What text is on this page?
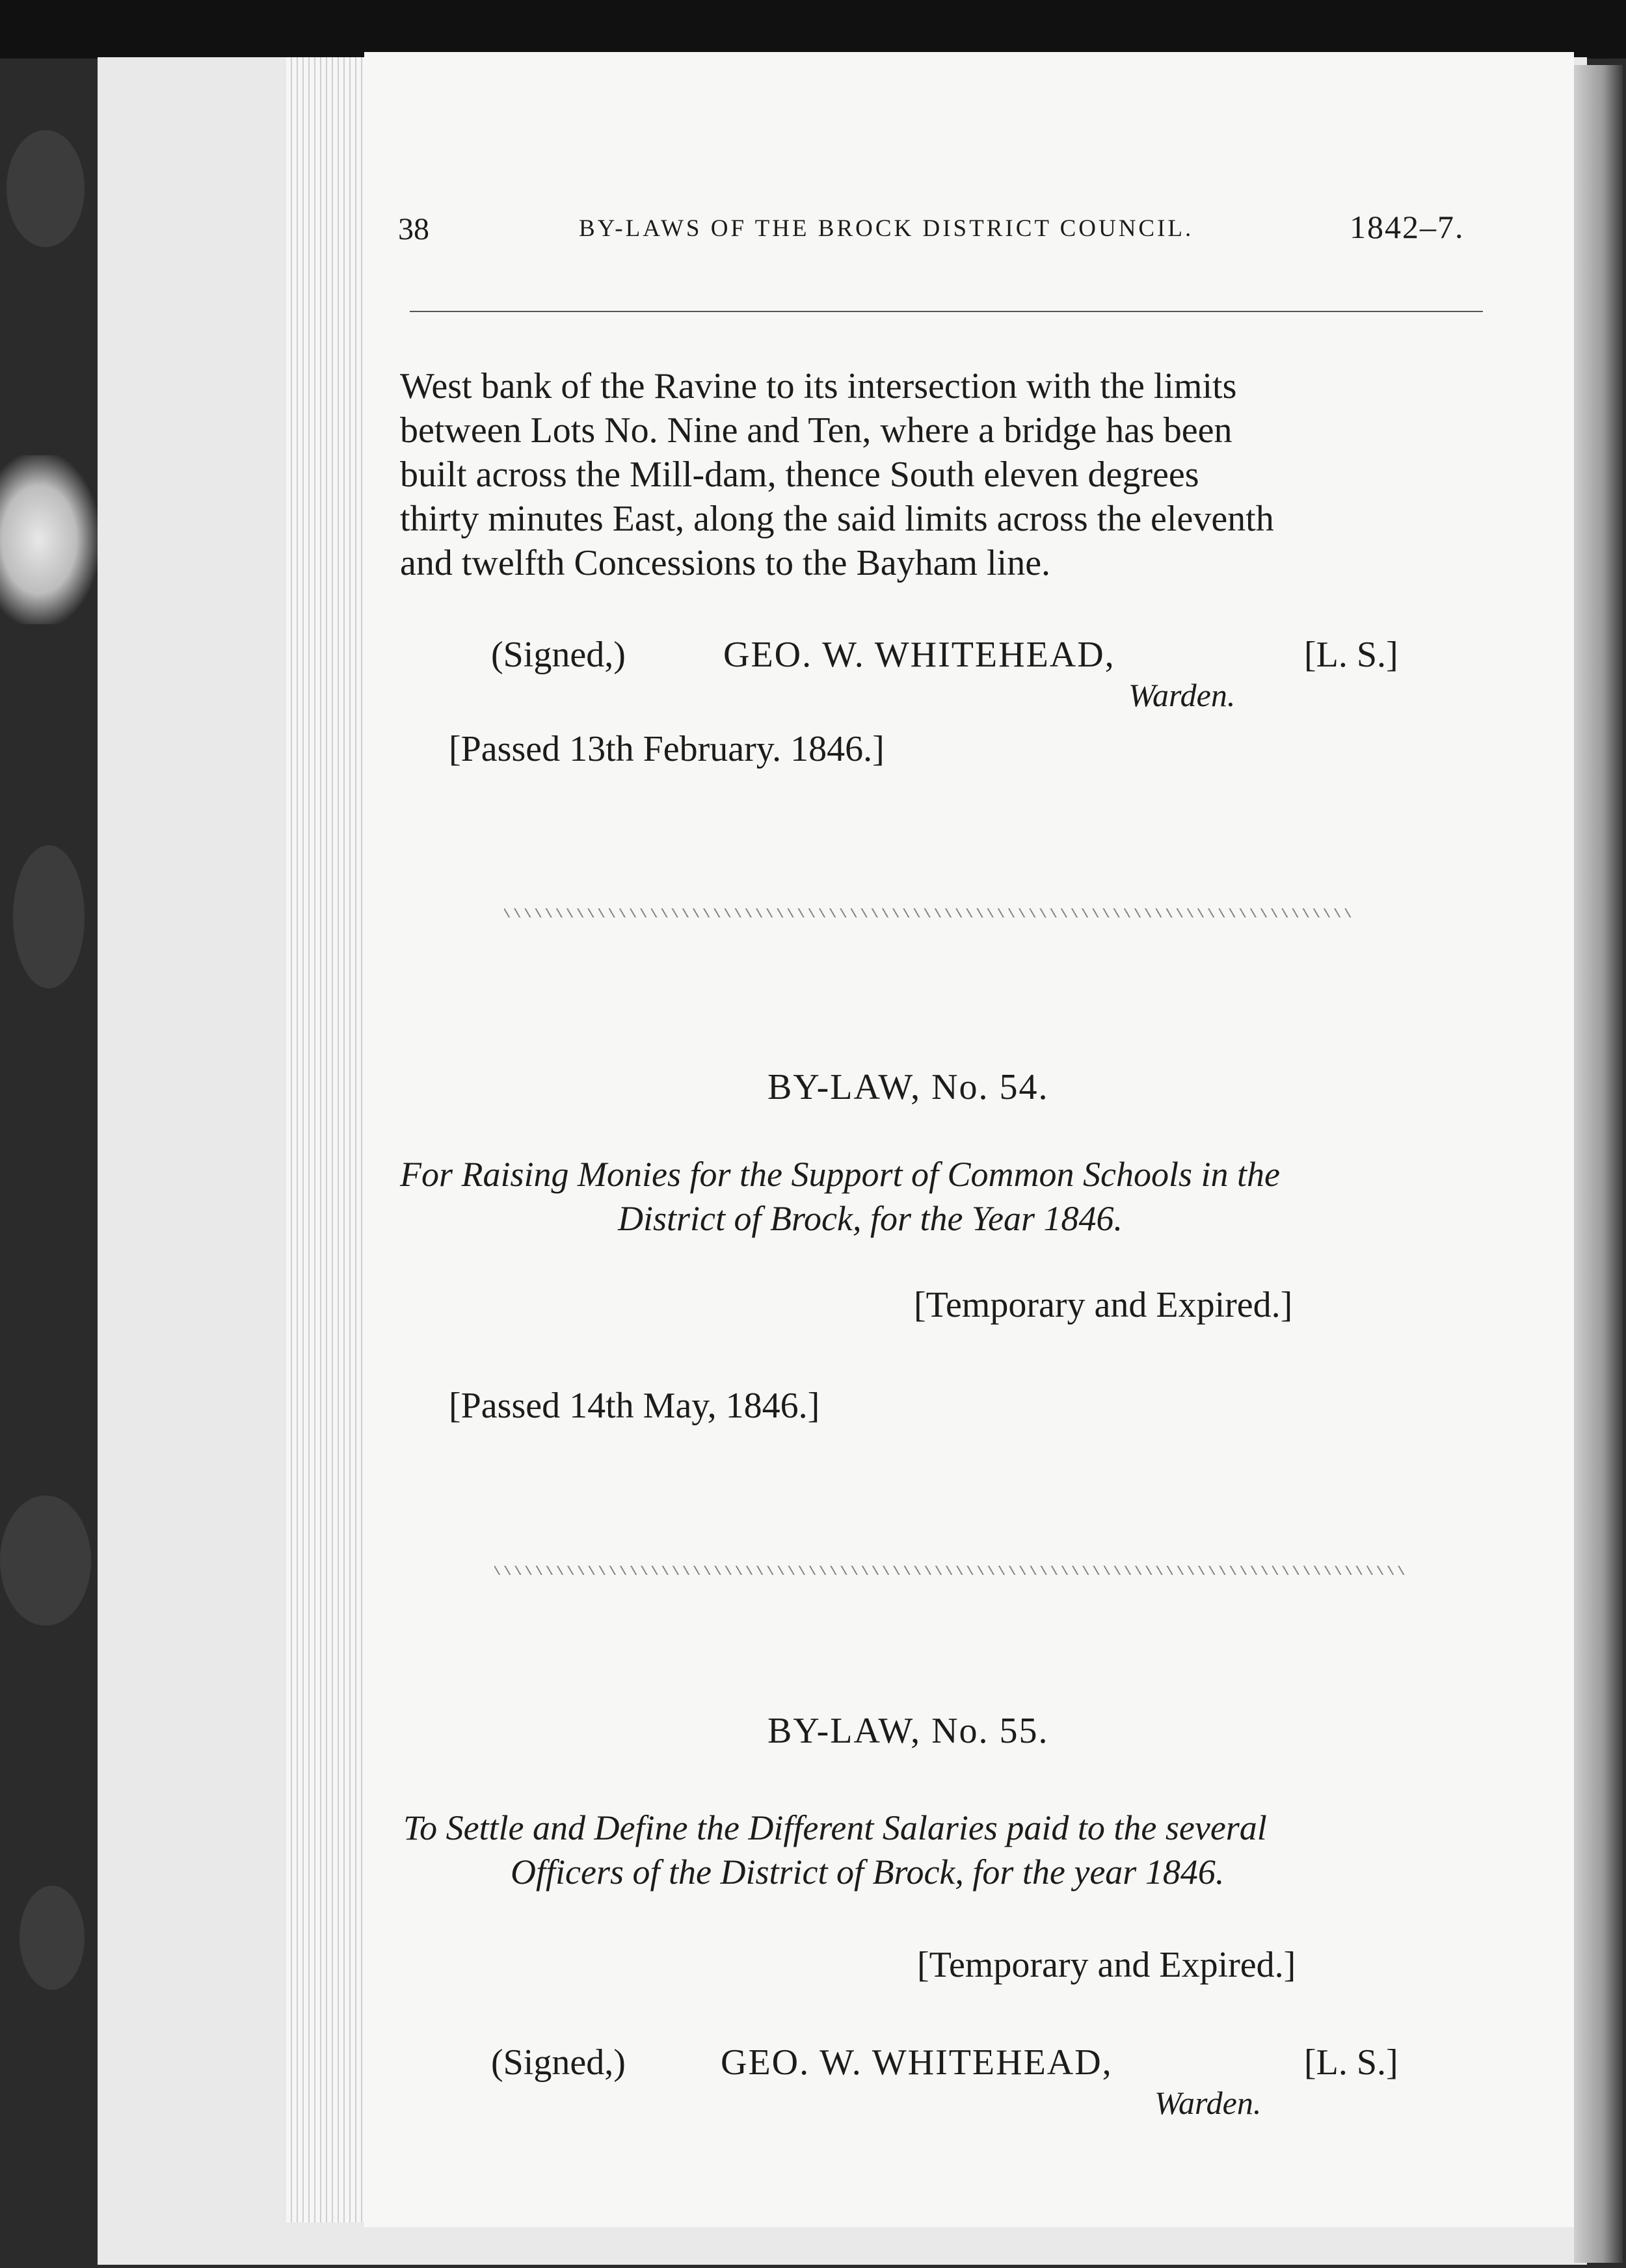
38	BY-LAWS OF THE BROCK DISTRICT COUNCIL.	1842–7.
West bank of the Ravine to its intersection with the limits
between Lots No. Nine and Ten, where a bridge has been
built across the Mill-dam, thence South eleven degrees
thirty minutes East, along the said limits across the eleventh
and twelfth Concessions to the Bayham line.
(Signed,)	GEO. W. WHITEHEAD,	[L. S.]
Warden.
[Passed 13th February. 1846.]
BY-LAW, No. 54.
For Raising Monies for the Support of Common Schools in the
District of Brock, for the Year 1846.
[Temporary and Expired.]
[Passed 14th May, 1846.]
BY-LAW, No. 55.
To Settle and Define the Different Salaries paid to the several
Officers of the District of Brock, for the year 1846.
[Temporary and Expired.]
(Signed,)	GEO. W. WHITEHEAD,	[L. S.]
Warden.
